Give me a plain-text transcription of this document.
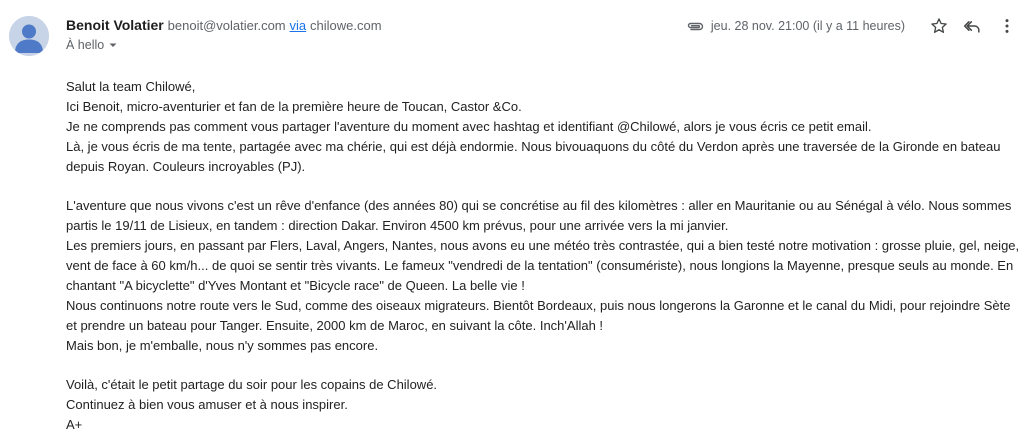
Benoit Volatier benoit@volatier.com via chilowe.com
À hello
jeu. 28 nov. 21:00 (il y a 11 heures)

Salut la team Chilowé,
Ici Benoit, micro-aventurier et fan de la première heure de Toucan, Castor &Co.
Je ne comprends pas comment vous partager l'aventure du moment avec hashtag et identifiant @Chilowé, alors je vous écris ce petit email.
Là, je vous écris de ma tente, partagée avec ma chérie, qui est déjà endormie. Nous bivouaquons du côté du Verdon après une traversée de la Gironde en bateau
depuis Royan. Couleurs incroyables (PJ).

L'aventure que nous vivons c'est un rêve d'enfance (des années 80) qui se concrétise au fil des kilomètres : aller en Mauritanie ou au Sénégal à vélo. Nous sommes
partis le 19/11 de Lisieux, en tandem : direction Dakar. Environ 4500 km prévus, pour une arrivée vers la mi janvier.
Les premiers jours, en passant par Flers, Laval, Angers, Nantes, nous avons eu une météo très contrastée, qui a bien testé notre motivation : grosse pluie, gel, neige,
vent de face à 60 km/h... de quoi se sentir très vivants. Le fameux "vendredi de la tentation" (consumériste), nous longions la Mayenne, presque seuls au monde. En
chantant "A bicyclette" d'Yves Montant et "Bicycle race" de Queen. La belle vie !
Nous continuons notre route vers le Sud, comme des oiseaux migrateurs. Bientôt Bordeaux, puis nous longerons la Garonne et le canal du Midi, pour rejoindre Sète
et prendre un bateau pour Tanger. Ensuite, 2000 km de Maroc, en suivant la côte. Inch'Allah !
Mais bon, je m'emballe, nous n'y sommes pas encore.

Voilà, c'était le petit partage du soir pour les copains de Chilowé.
Continuez à bien vous amuser et à nous inspirer.
A+
